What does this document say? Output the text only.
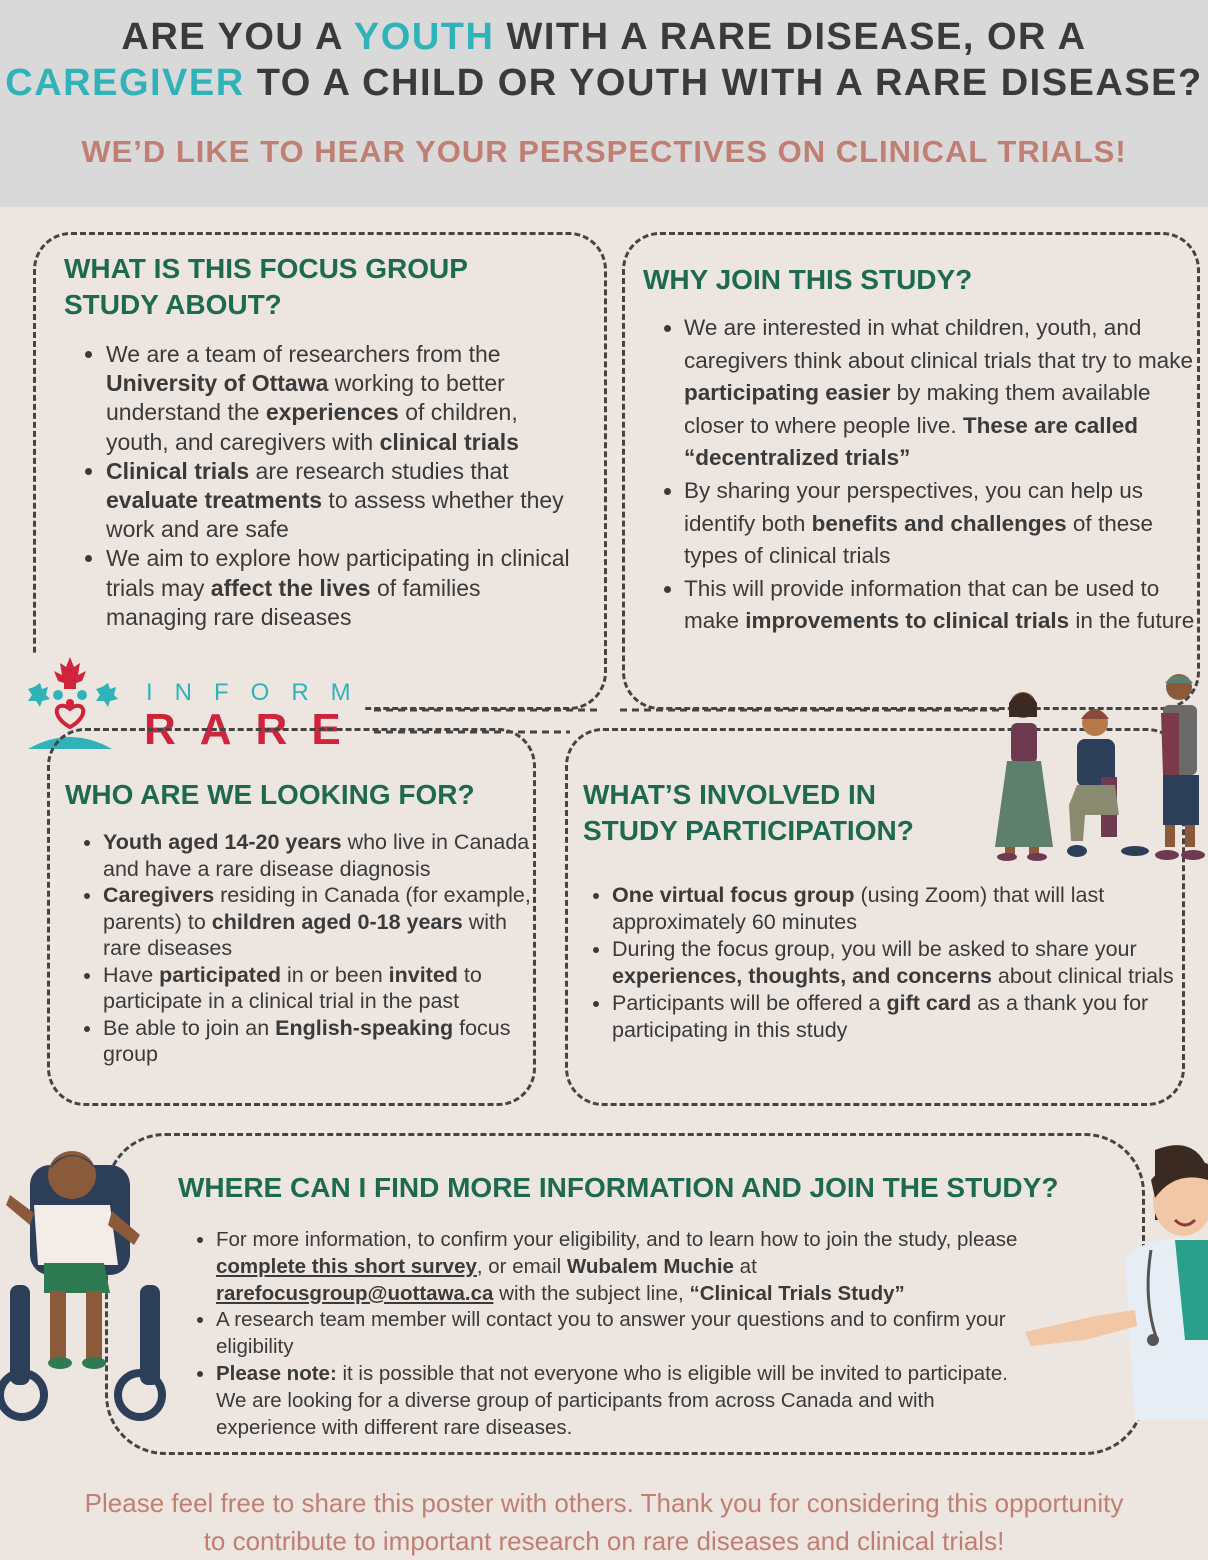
ARE YOU A YOUTH WITH A RARE DISEASE, OR A
CAREGIVER TO A CHILD OR YOUTH WITH A RARE DISEASE?
WE’D LIKE TO HEAR YOUR PERSPECTIVES ON CLINICAL TRIALS!
WHAT IS THIS FOCUS GROUP
STUDY ABOUT?
• We are a team of researchers from the University of Ottawa working to better understand the experiences of children, youth, and caregivers with clinical trials
• Clinical trials are research studies that evaluate treatments to assess whether they work and are safe
• We aim to explore how participating in clinical trials may affect the lives of families managing rare diseases
WHY JOIN THIS STUDY?
• We are interested in what children, youth, and caregivers think about clinical trials that try to make participating easier by making them available closer to where people live. These are called “decentralized trials”
• By sharing your perspectives, you can help us identify both benefits and challenges of these types of clinical trials
• This will provide information that can be used to make improvements to clinical trials in the future
INFORM
RARE
WHO ARE WE LOOKING FOR?
• Youth aged 14-20 years who live in Canada and have a rare disease diagnosis
• Caregivers residing in Canada (for example, parents) to children aged 0-18 years with rare diseases
• Have participated in or been invited to participate in a clinical trial in the past
• Be able to join an English-speaking focus group
WHAT’S INVOLVED IN
STUDY PARTICIPATION?
• One virtual focus group (using Zoom) that will last approximately 60 minutes
• During the focus group, you will be asked to share your experiences, thoughts, and concerns about clinical trials
• Participants will be offered a gift card as a thank you for participating in this study
WHERE CAN I FIND MORE INFORMATION AND JOIN THE STUDY?
• For more information, to confirm your eligibility, and to learn how to join the study, please complete this short survey, or email Wubalem Muchie at rarefocusgroup@uottawa.ca with the subject line, “Clinical Trials Study”
• A research team member will contact you to answer your questions and to confirm your eligibility
• Please note: it is possible that not everyone who is eligible will be invited to participate. We are looking for a diverse group of participants from across Canada and with experience with different rare diseases.
Please feel free to share this poster with others. Thank you for considering this opportunity
to contribute to important research on rare diseases and clinical trials!
